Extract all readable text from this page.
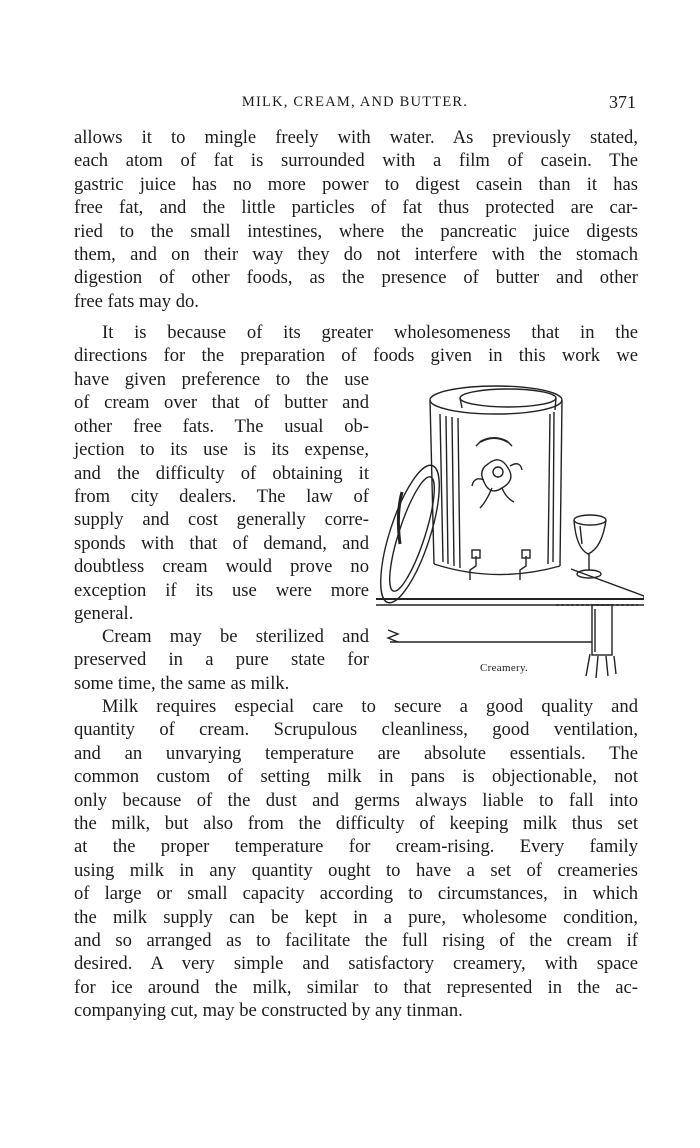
MILK, CREAM, AND BUTTER.	371
allows it to mingle freely with water. As previously stated,
each atom of fat is surrounded with a film of casein. The
gastric juice has no more power to digest casein than it has
free fat, and the little particles of fat thus protected are car-
ried to the small intestines, where the pancreatic juice digests
them, and on their way they do not interfere with the stomach
digestion of other foods, as the presence of butter and other
free fats may do.
It is because of its greater wholesomeness that in the
directions for the preparation of foods given in this work we
have given preference to the use
of cream over that of butter and
other free fats. The usual ob-
jection to its use is its expense,
and the difficulty of obtaining it
from city dealers. The law of
supply and cost generally corre-
sponds with that of demand, and
doubtless cream would prove no
exception if its use were more
general.
Cream may be sterilized and
preserved in a pure state for
some time, the same as milk.
Milk requires especial care to secure a good quality and
quantity of cream. Scrupulous cleanliness, good ventilation,
and an unvarying temperature are absolute essentials. The
common custom of setting milk in pans is objectionable, not
only because of the dust and germs always liable to fall into
the milk, but also from the difficulty of keeping milk thus set
at the proper temperature for cream-rising. Every family
using milk in any quantity ought to have a set of creameries
of large or small capacity according to circumstances, in which
the milk supply can be kept in a pure, wholesome condition,
and so arranged as to facilitate the full rising of the cream if
desired. A very simple and satisfactory creamery, with space
for ice around the milk, similar to that represented in the ac-
companying cut, may be constructed by any tinman.
Creamery.
